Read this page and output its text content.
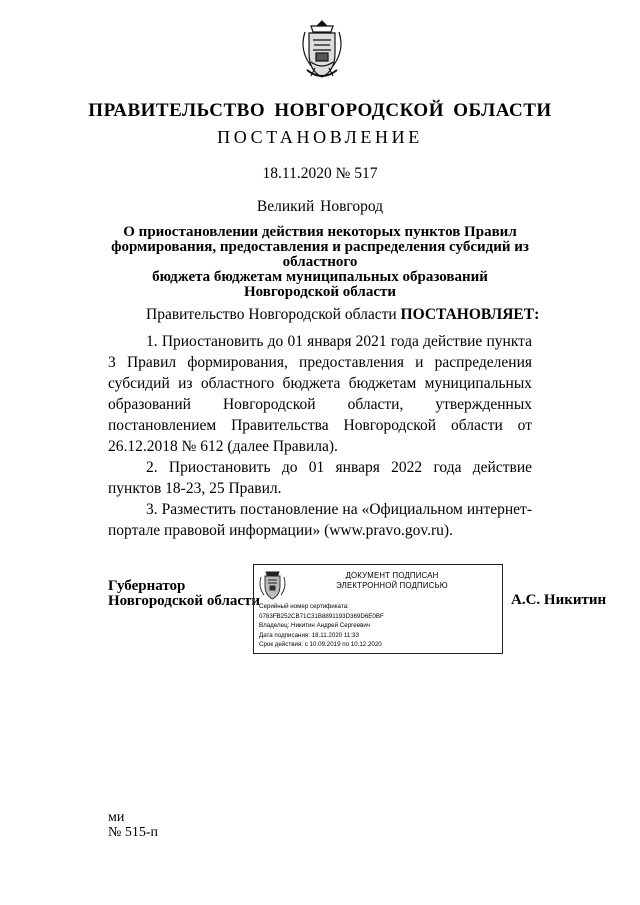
ПРАВИТЕЛЬСТВО НОВГОРОДСКОЙ ОБЛАСТИ
ПОСТАНОВЛЕНИЕ
18.11.2020 № 517
Великий Новгород
О приостановлении действия некоторых пунктов Правил
формирования, предоставления и распределения субсидий из областного
бюджета бюджетам муниципальных образований Новгородской области
Правительство Новгородской области ПОСТАНОВЛЯЕТ:

1. Приостановить до 01 января 2021 года действие пункта 3 Правил формирования, предоставления и распределения субсидий из областного бюджета бюджетам муниципальных образований Новгородской области, утвержденных постановлением Правительства Новгородской области от 26.12.2018 № 612 (далее Правила).

2. Приостановить до 01 января 2022 года действие пунктов 18-23, 25 Правил.

3. Разместить постановление на «Официальном интернет-портале правовой информации» (www.pravo.gov.ru).

Губернатор
Новгородской области
ДОКУМЕНТ ПОДПИСАН
ЭЛЕКТРОННОЙ ПОДПИСЬЮ
Серийный номер сертификата:
0783FB252CB71C31B8891193D369D6E0BF
Владелец: Никитин Андрей Сергеевич
Дата подписания: 18.11.2020 11:33
Срок действия: с 10.09.2019 по 10.12.2020
А.С. Никитин
ми
№ 515-п
